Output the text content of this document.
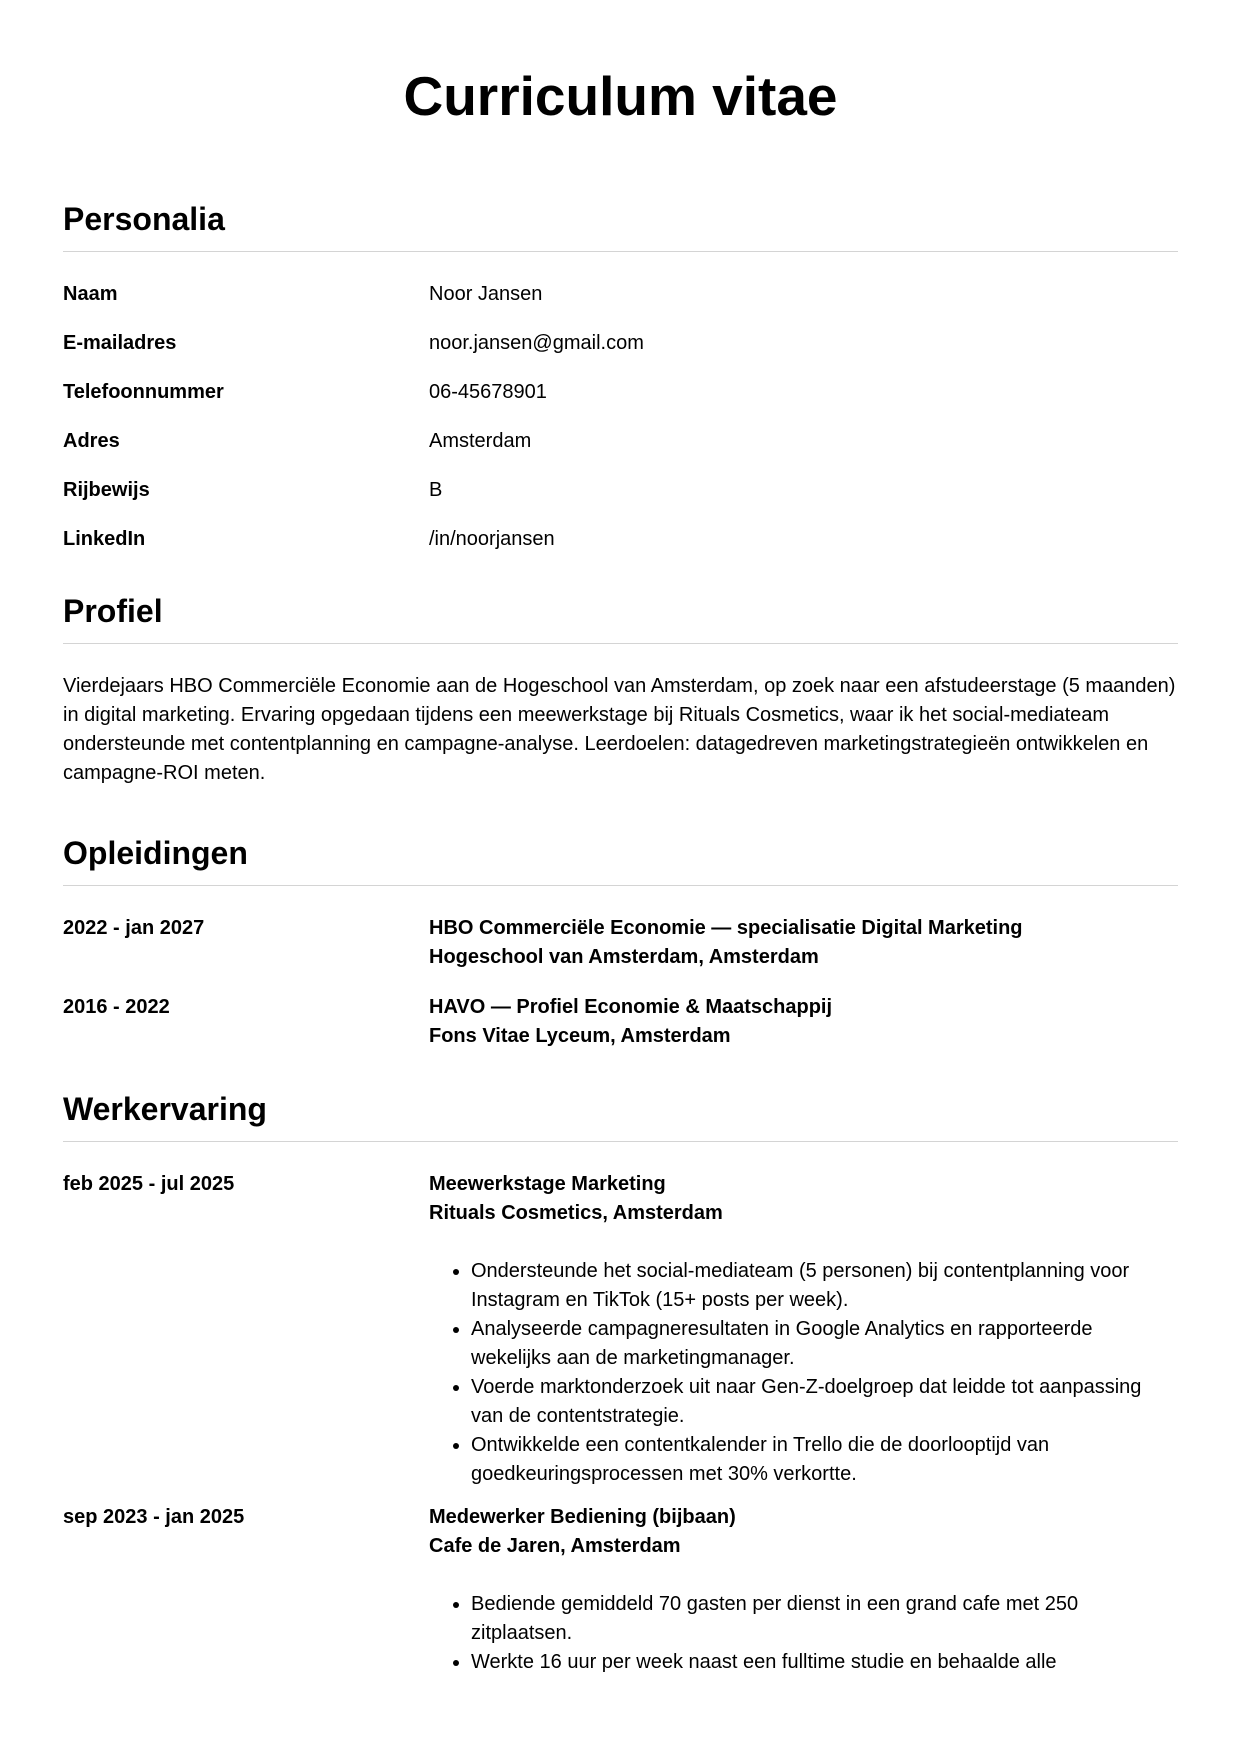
Curriculum vitae
Personalia
Naam	Noor Jansen
E-mailadres	noor.jansen@gmail.com
Telefoonnummer	06-45678901
Adres	Amsterdam
Rijbewijs	B
LinkedIn	/in/noorjansen
Profiel

Vierdejaars HBO Commerciële Economie aan de Hogeschool van Amsterdam, op zoek naar een afstudeerstage (5 maanden) in digital marketing. Ervaring opgedaan tijdens een meewerkstage bij Rituals Cosmetics, waar ik het social-mediateam ondersteunde met contentplanning en campagne-analyse. Leerdoelen: datagedreven marketingstrategieën ontwikkelen en campagne-ROI meten.

Opleidingen
2022 - jan 2027	HBO Commerciële Economie — specialisatie Digital Marketing
Hogeschool van Amsterdam, Amsterdam
2016 - 2022	HAVO — Profiel Economie & Maatschappij
Fons Vitae Lyceum, Amsterdam
Werkervaring
feb 2025 - jul 2025	Meewerkstage Marketing
Rituals Cosmetics, Amsterdam
• Ondersteunde het social-mediateam (5 personen) bij contentplanning voor Instagram en TikTok (15+ posts per week).
• Analyseerde campagneresultaten in Google Analytics en rapporteerde wekelijks aan de marketingmanager.
• Voerde marktonderzoek uit naar Gen-Z-doelgroep dat leidde tot aanpassing van de contentstrategie.
• Ontwikkelde een contentkalender in Trello die de doorlooptijd van goedkeuringsprocessen met 30% verkortte.
sep 2023 - jan 2025	Medewerker Bediening (bijbaan)
Cafe de Jaren, Amsterdam
• Bediende gemiddeld 70 gasten per dienst in een grand cafe met 250 zitplaatsen.
• Werkte 16 uur per week naast een fulltime studie en behaalde alle
